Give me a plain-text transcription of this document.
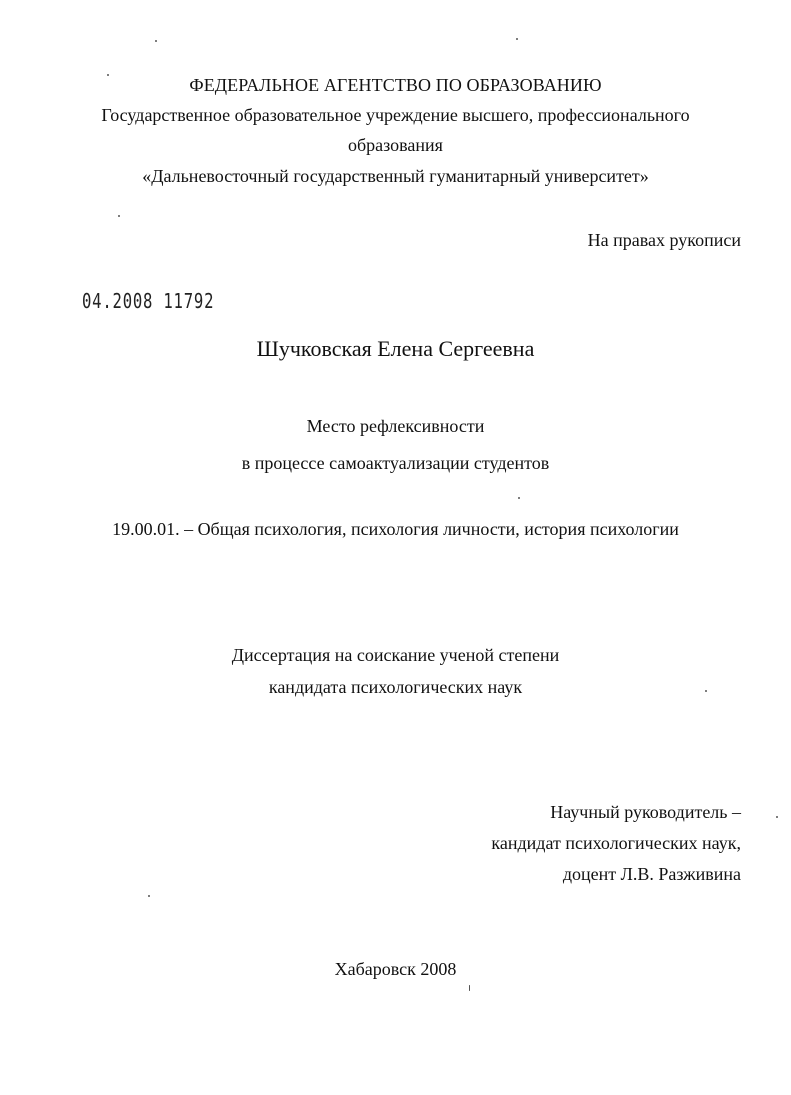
ФЕДЕРАЛЬНОЕ АГЕНТСТВО ПО ОБРАЗОВАНИЮ
Государственное образовательное учреждение высшего, профессионального
образования
«Дальневосточный государственный гуманитарный университет»
На правах рукописи
04.2008 11792
Шучковская Елена Сергеевна
Место рефлексивности
в процессе самоактуализации студентов
19.00.01. – Общая психология, психология личности, история психологии
Диссертация на соискание ученой степени
кандидата психологических наук
Научный руководитель –
кандидат психологических наук,
доцент Л.В. Разживина
Хабаровск 2008
